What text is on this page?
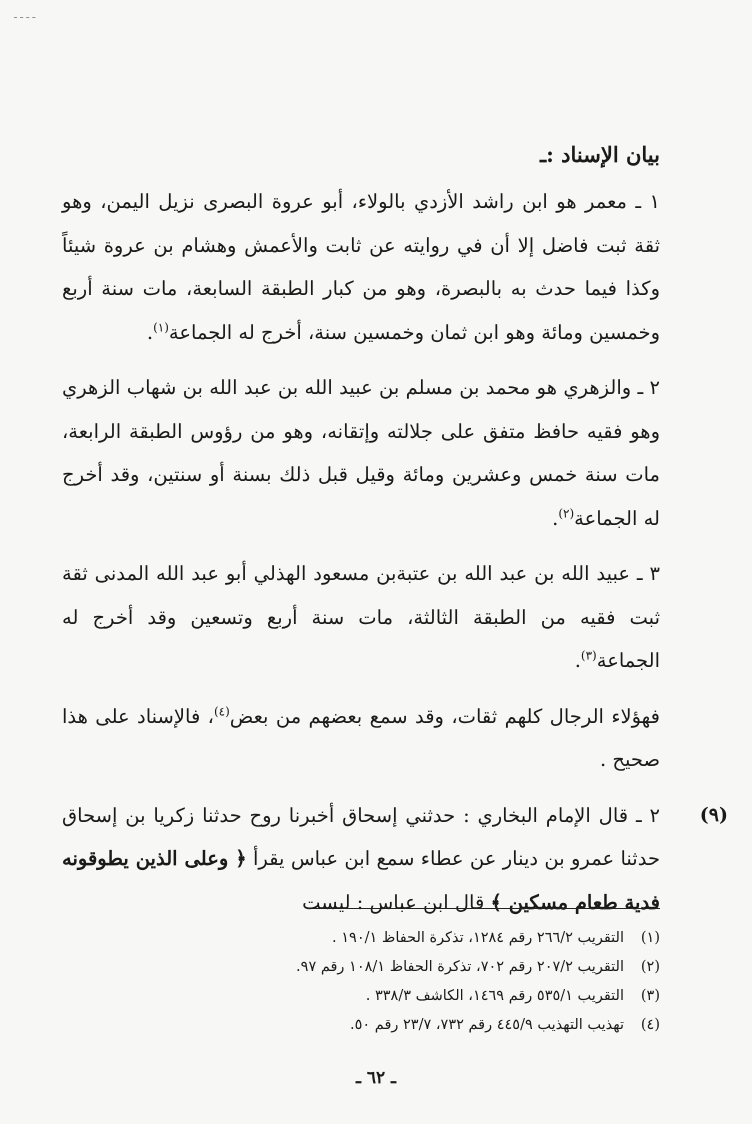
ـ ـ ـ ـ

بيان الإسناد :ـ

١ ـ معمر هو ابن راشد الأزدي بالولاء، أبو عروة البصرى نزيل اليمن، وهو ثقة ثبت فاضل إلا أن في روايته عن ثابت والأعمش وهشام بن عروة شيئاً وكذا فيما حدث به بالبصرة، وهو من كبار الطبقة السابعة، مات سنة أربع وخمسين ومائة وهو ابن ثمان وخمسين سنة، أخرج له الجماعة$^{(١)}$.

٢ ـ والزهري هو محمد بن مسلم بن عبيد الله بن عبد الله بن شهاب الزهري وهو فقيه حافظ متفق على جلالته وإتقانه، وهو من رؤوس الطبقة الرابعة، مات سنة خمس وعشرين ومائة وقيل قبل ذلك بسنة أو سنتين، وقد أخرج له الجماعة$^{(٢)}$.

٣ ـ عبيد الله بن عبد الله بن عتبةبن مسعود الهذلي أبو عبد الله المدنى ثقة ثبت فقيه من الطبقة الثالثة، مات سنة أربع وتسعين وقد أخرج له الجماعة$^{(٣)}$.

فهؤلاء الرجال كلهم ثقات، وقد سمع بعضهم من بعض$^{(٤)}$، فالإسناد على هذا صحيح .

(٩)
٢ ـ قال الإمام البخاري : حدثني إسحاق أخبرنا روح حدثنا زكريا بن إسحاق حدثنا عمرو بن دينار عن عطاء سمع ابن عباس يقرأ ﴿ وعلى الذين يطوقونه فدية طعام مسكين ﴾ قال ابن عباس : ليست

(١)التقريب ٢٦٦/٢ رقم ١٢٨٤، تذكرة الحفاظ ١٩٠/١ .

(٢)التقريب ٢٠٧/٢ رقم ٧٠٢، تذكرة الحفاظ ١٠٨/١ رقم ٩٧.

(٣)التقريب ٥٣٥/١ رقم ١٤٦٩، الكاشف ٣٣٨/٣ .

(٤)تهذيب التهذيب ٤٤٥/٩ رقم ٧٣٢، ٢٣/٧ رقم ٥٠.

ـ ٦٢ ـ
